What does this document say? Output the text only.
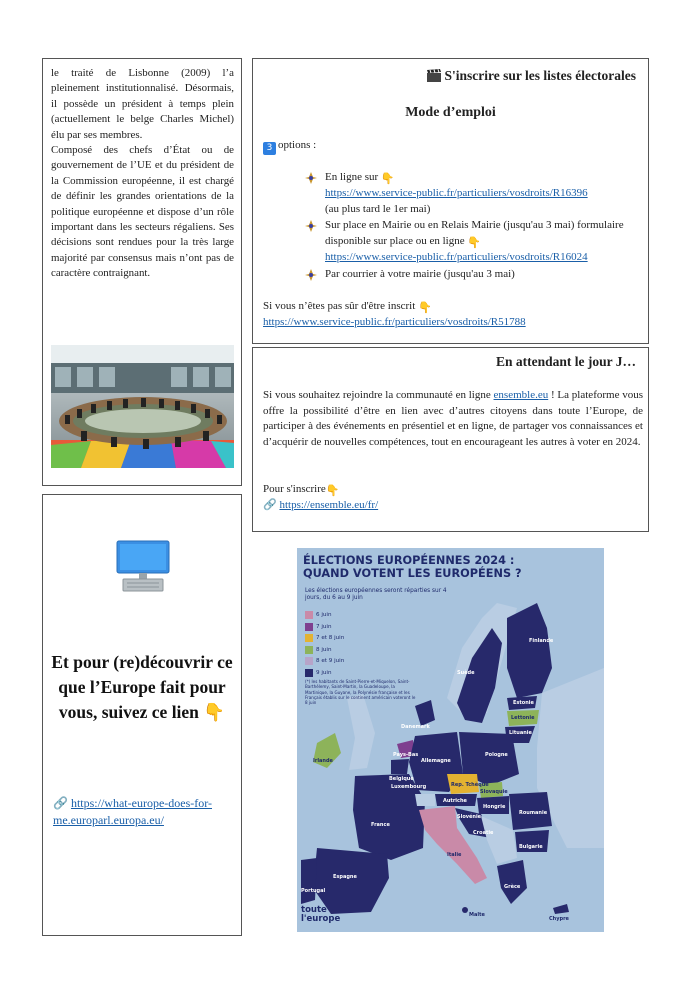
le traité de Lisbonne (2009) l’a pleinement institutionnalisé. Désormais, il possède un président à temps plein (actuellement le belge Charles Michel) élu par ses membres.

Composé des chefs d’État ou de gouvernement de l’UE et du président de la Commission européenne, il est chargé de définir les grandes orientations de la politique européenne et dispose d’un rôle important dans les secteurs régaliens. Ses décisions sont rendues pour la très large majorité par consensus mais n’ont pas de caractère contraignant.

Et pour (re)découvrir ce que l’Europe fait pour vous, suivez ce lien 👇
🔗 https://what-europe-does-for-me.europarl.europa.eu/
S'inscrire sur les listes électorales
Mode d’emploi
3 options :
En ligne sur 👇
https://www.service-public.fr/particuliers/vosdroits/R16396
(au plus tard le 1er mai)
Sur place en Mairie ou en Relais Mairie (jusqu'au 3 mai) formulaire disponible sur place ou en ligne 👇
https://www.service-public.fr/particuliers/vosdroits/R16024
Par courrier à votre mairie (jusqu'au 3 mai)
Si vous n’êtes pas sûr d'être inscrit 👇
https://www.service-public.fr/particuliers/vosdroits/R51788
En attendant le jour J…
Si vous souhaitez rejoindre la communauté en ligne ensemble.eu ! La plateforme vous offre la possibilité d’être en lien avec d’autres citoyens dans toute l’Europe, de participer à des événements en présentiel et en ligne, de partager vos connaissances et d’acquérir de nouvelles compétences, tout en encourageant les autres à voter en 2024.
Pour s'inscrire👇
🔗 https://ensemble.eu/fr/
ÉLECTIONS EUROPÉENNES 2024 :
QUAND VOTENT LES EUROPÉENS ?
Les élections européennes seront réparties sur 4 jours, du 6 au 9 juin
6 juin
7 juin
7 et 8 juin
8 juin
8 et 9 juin
9 juin
(*) les habitants de Saint-Pierre-et-Miquelon, Saint-Barthélemy, Saint-Martin, la Guadeloupe, la Martinique, la Guyane, la Polynésie française et les Français établis sur le continent américain voteront le 8 juin
Finlande
Suède
Estonie
Lettonie
Lituanie
Danemark
Irlande
Pays-Bas
Belgique
Luxembourg
Allemagne
Pologne
Rep. Tchèque
Slovaquie
Autriche
Hongrie
Slovénie
Croatie
Roumanie
Bulgarie
France
Italie
Espagne
Portugal
Grèce
Malte
Chypre
toute
l'europe
